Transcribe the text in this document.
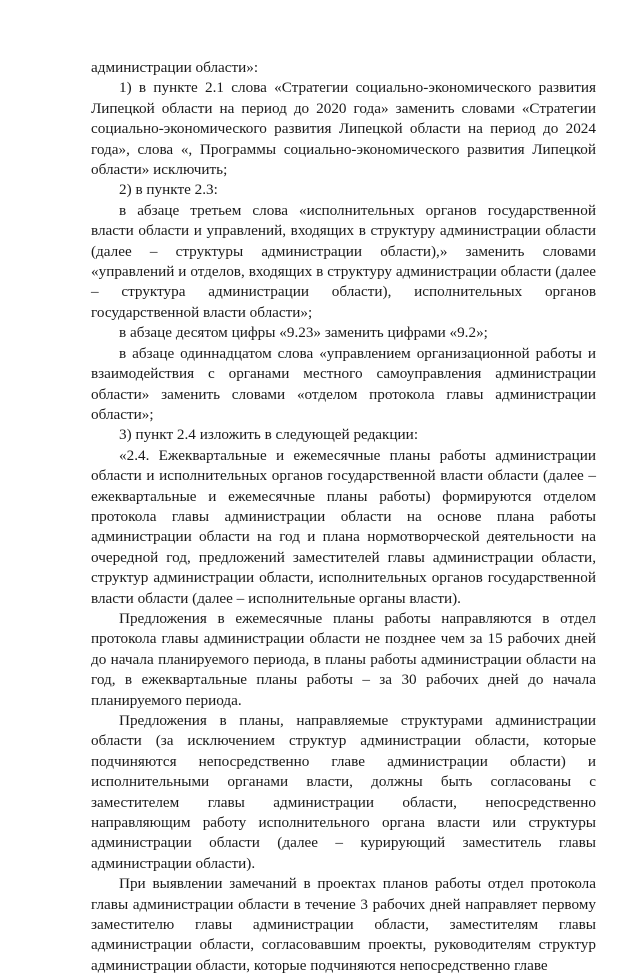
администрации области»:

1) в пункте 2.1 слова «Стратегии социально-экономического развития Липецкой области на период до 2020 года» заменить словами «Стратегии социально-экономического развития Липецкой области на период до 2024 года», слова «, Программы социально-экономического развития Липецкой области» исключить;

2) в пункте 2.3:

в абзаце третьем слова «исполнительных органов государственной власти области и управлений, входящих в структуру администрации области (далее – структуры администрации области),» заменить словами «управлений и отделов, входящих в структуру администрации области (далее – структура администрации области), исполнительных органов государственной власти области»;

в абзаце десятом цифры «9.23» заменить цифрами «9.2»;

в абзаце одиннадцатом слова «управлением организационной работы и взаимодействия с органами местного самоуправления администрации области» заменить словами «отделом протокола главы администрации области»;

3) пункт 2.4 изложить в следующей редакции:

«2.4. Ежеквартальные и ежемесячные планы работы администрации области и исполнительных органов государственной власти области (далее – ежеквартальные и ежемесячные планы работы) формируются отделом протокола главы администрации области на основе плана работы администрации области на год и плана нормотворческой деятельности на очередной год, предложений заместителей главы администрации области, структур администрации области, исполнительных органов государственной власти области (далее – исполнительные органы власти).

Предложения в ежемесячные планы работы направляются в отдел протокола главы администрации области не позднее чем за 15 рабочих дней до начала планируемого периода, в планы работы администрации области на год, в ежеквартальные планы работы – за 30 рабочих дней до начала планируемого периода.

Предложения в планы, направляемые структурами администрации области (за исключением структур администрации области, которые подчиняются непосредственно главе администрации области) и исполнительными органами власти, должны быть согласованы с заместителем главы администрации области, непосредственно направляющим работу исполнительного органа власти или структуры администрации области (далее – курирующий заместитель главы администрации области).

При выявлении замечаний в проектах планов работы отдел протокола главы администрации области в течение 3 рабочих дней направляет первому заместителю главы администрации области, заместителям главы администрации области, согласовавшим проекты, руководителям структур администрации области, которые подчиняются непосредственно главе
